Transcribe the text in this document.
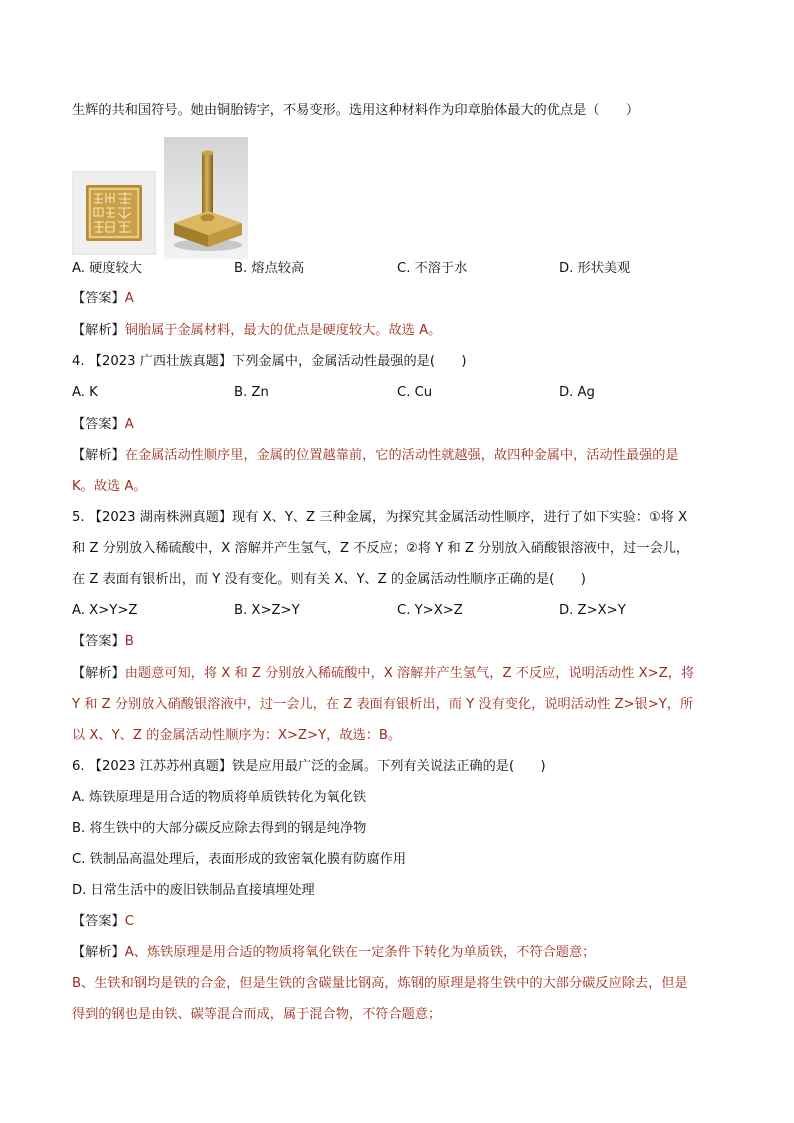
生辉的共和国符号。她由铜胎铸字，不易变形。选用这种材料作为印章胎体最大的优点是（　　）
A. 硬度较大	B. 熔点较高	C. 不溶于水	D. 形状美观
【答案】A
【解析】铜胎属于金属材料，最大的优点是硬度较大。故选 A。
4. 【2023 广西壮族真题】下列金属中，金属活动性最强的是(　　)
A. K	B. Zn	C. Cu	D. Ag
【答案】A
【解析】在金属活动性顺序里，金属的位置越靠前，它的活动性就越强，故四种金属中，活动性最强的是
K。故选 A。
5. 【2023 湖南株洲真题】现有 X、Y、Z 三种金属，为探究其金属活动性顺序，进行了如下实验：①将 X
和 Z 分别放入稀硫酸中，X 溶解并产生氢气，Z 不反应；②将 Y 和 Z 分别放入硝酸银溶液中，过一会儿，
在 Z 表面有银析出，而 Y 没有变化。则有关 X、Y、Z 的金属活动性顺序正确的是(　　)
A. X>Y>Z	B. X>Z>Y	C. Y>X>Z	D. Z>X>Y
【答案】B
【解析】由题意可知，将 X 和 Z 分别放入稀硫酸中，X 溶解并产生氢气，Z 不反应，说明活动性 X>Z，将
Y 和 Z 分别放入硝酸银溶液中，过一会儿，在 Z 表面有银析出，而 Y 没有变化，说明活动性 Z>银>Y，所
以 X、Y、Z 的金属活动性顺序为：X>Z>Y，故选：B。
6. 【2023 江苏苏州真题】铁是应用最广泛的金属。下列有关说法正确的是(　　)
A. 炼铁原理是用合适的物质将单质铁转化为氧化铁
B. 将生铁中的大部分碳反应除去得到的钢是纯净物
C. 铁制品高温处理后，表面形成的致密氧化膜有防腐作用
D. 日常生活中的废旧铁制品直接填埋处理
【答案】C
【解析】A、炼铁原理是用合适的物质将氧化铁在一定条件下转化为单质铁，不符合题意；
B、生铁和钢均是铁的合金，但是生铁的含碳量比钢高，炼钢的原理是将生铁中的大部分碳反应除去，但是
得到的钢也是由铁、碳等混合而成，属于混合物，不符合题意；
